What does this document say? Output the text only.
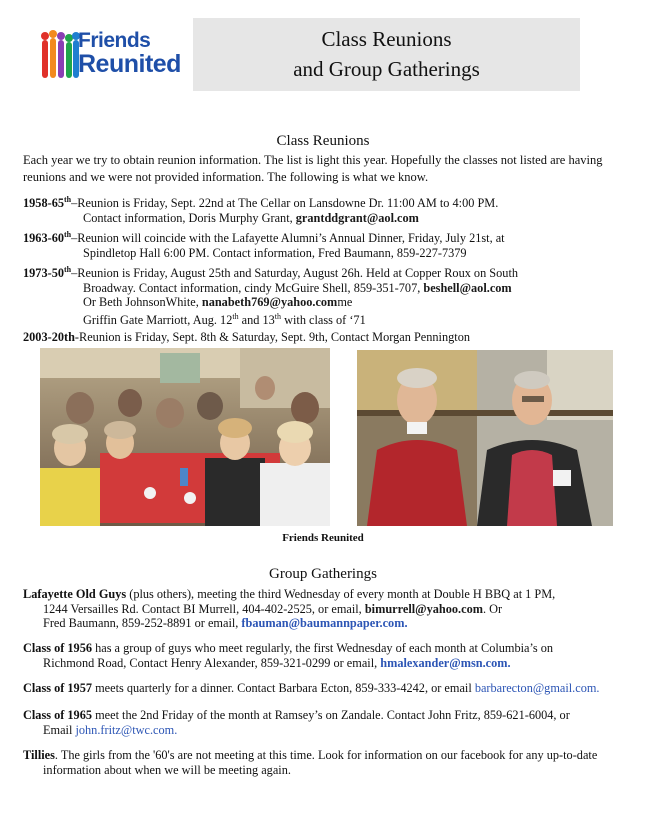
Friends
Reunited
Class Reunions
and Group Gatherings
Class Reunions
Each year we try to obtain reunion information. The list is light this year. Hopefully the classes not listed are having reunions and we were not provided information. The following is what we know.
1958-65th–Reunion is Friday, Sept. 22nd at The Cellar on Lansdowne Dr. 11:00 AM to 4:00 PM.
Contact information, Doris Murphy Grant, grantddgrant@aol.com
1963-60th–Reunion will coincide with the Lafayette Alumni’s Annual Dinner, Friday, July 21st, at
Spindletop Hall 6:00 PM. Contact information, Fred Baumann, 859-227-7379
1973-50th–Reunion is Friday, August 25th and Saturday, August 26h. Held at Copper Roux on South
Broadway. Contact information, cindy McGuire Shell, 859-351-707, beshell@aol.com
Or Beth JohnsonWhite, nanabeth769@yahoo.comme
Griffin Gate Marriott, Aug. 12th and 13th with class of ‘71
2003-20th-Reunion is Friday, Sept. 8th & Saturday, Sept. 9th, Contact Morgan Pennington
Friends Reunited
Group Gatherings
Lafayette Old Guys (plus others), meeting the third Wednesday of every month at Double H BBQ at 1 PM,
1244 Versailles Rd. Contact BI Murrell, 404-402-2525, or email, bimurrell@yahoo.com. Or
Fred Baumann, 859-252-8891 or email, fbauman@baumannpaper.com.
Class of 1956 has a group of guys who meet regularly, the first Wednesday of each month at Columbia’s on
Richmond Road, Contact Henry Alexander, 859-321-0299 or email, hmalexander@msn.com.
Class of 1957 meets quarterly for a dinner. Contact Barbara Ecton, 859-333-4242, or email barbarecton@gmail.com.
Class of 1965 meet the 2nd Friday of the month at Ramsey’s on Zandale. Contact John Fritz, 859-621-6004, or
Email john.fritz@twc.com.
Tillies. The girls from the '60's are not meeting at this time. Look for information on our facebook for any up-to-date
information about when we will be meeting again.
